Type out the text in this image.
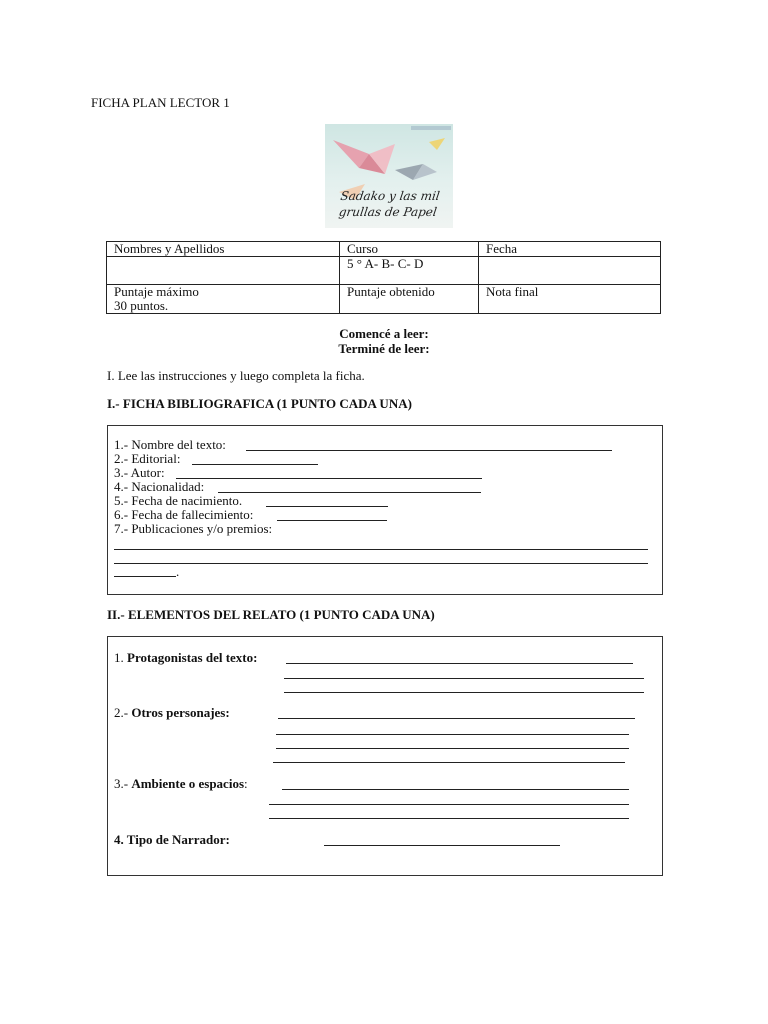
FICHA PLAN LECTOR 1
Sadako y las mil
grullas de Papel
Nombres y Apellidos	Curso	Fecha
	5 ° A- B- C- D	

Puntaje máximo
30 puntos.	Puntaje obtenido	Nota final
Comencé a leer:
Terminé de leer:
I. Lee las instrucciones y luego completa la ficha.
I.- FICHA BIBLIOGRAFICA (1 PUNTO CADA UNA)
1.- Nombre del texto:
2.- Editorial:
3.- Autor:
4.- Nacionalidad:
5.- Fecha de nacimiento.
6.- Fecha de fallecimiento:
7.- Publicaciones y/o premios:
.
II.- ELEMENTOS DEL RELATO (1 PUNTO CADA UNA)
1. Protagonistas del texto:
2.- Otros personajes:
3.- Ambiente o espacios:
4. Tipo de Narrador:
